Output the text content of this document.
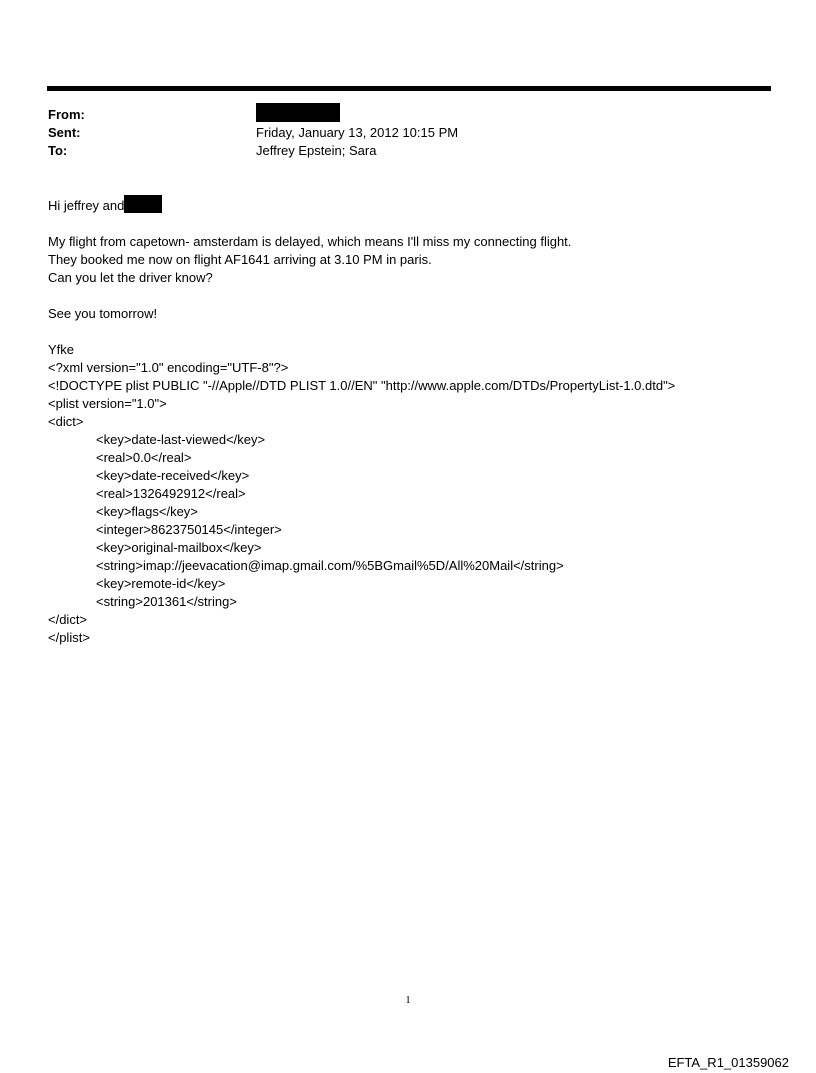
From:
Sent:	Friday, January 13, 2012 10:15 PM
To:	Jeffrey Epstein; Sara

Hi jeffrey and

My flight from capetown- amsterdam is delayed, which means I'll miss my connecting flight.

They booked me now on flight AF1641 arriving at 3.10 PM in paris.

Can you let the driver know?

See you tomorrow!

Yfke

<?xml version="1.0" encoding="UTF-8"?>

<!DOCTYPE plist PUBLIC "-//Apple//DTD PLIST 1.0//EN" "http://www.apple.com/DTDs/PropertyList-1.0.dtd">

<plist version="1.0">

<dict>

<key>date-last-viewed</key>

<real>0.0</real>

<key>date-received</key>

<real>1326492912</real>

<key>flags</key>

<integer>8623750145</integer>

<key>original-mailbox</key>

<string>imap://jeevacation@imap.gmail.com/%5BGmail%5D/All%20Mail</string>

<key>remote-id</key>

<string>201361</string>

</dict>

</plist>

1
EFTA_R1_01359062
